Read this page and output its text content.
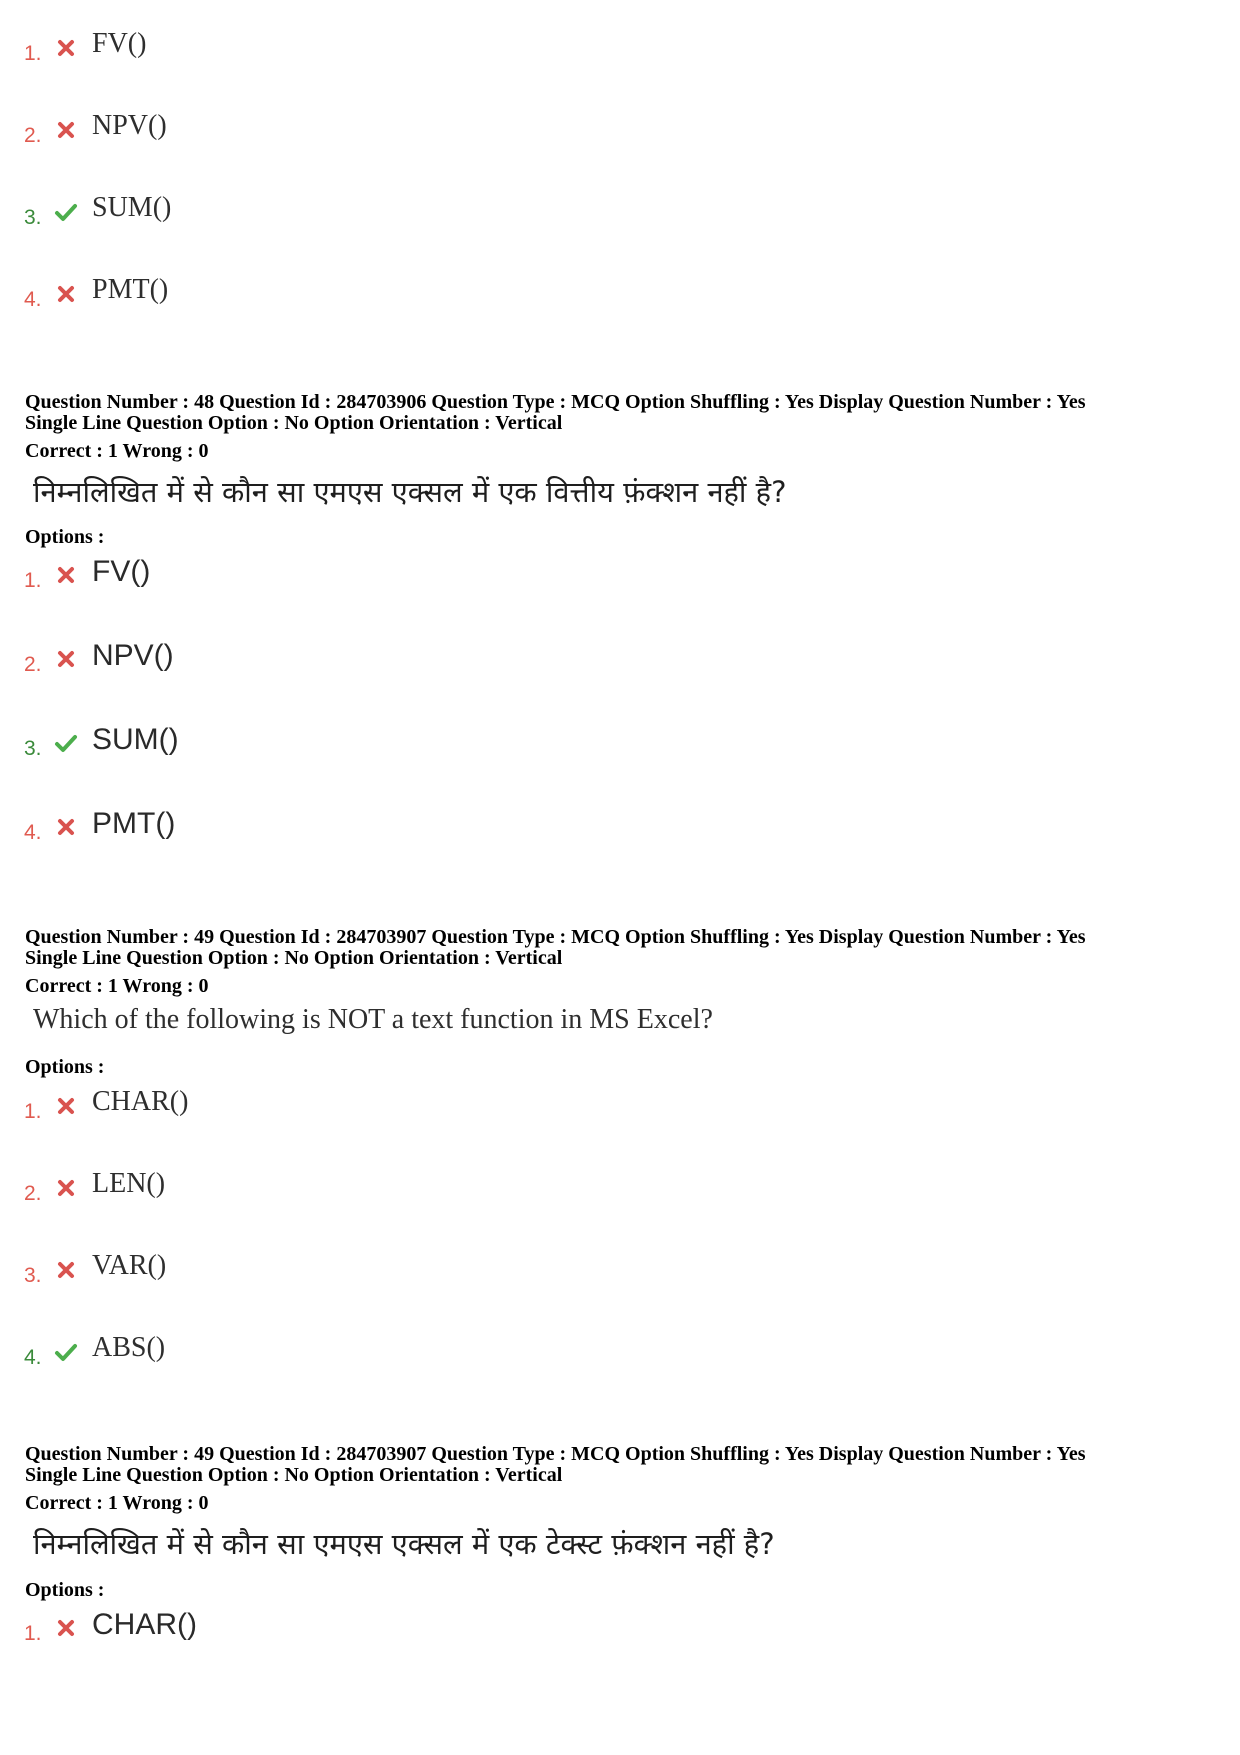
1. FV()
2. NPV()
3. SUM()
4. PMT()
Question Number : 48 Question Id : 284703906 Question Type : MCQ Option Shuffling : Yes Display Question Number : Yes
Single Line Question Option : No Option Orientation : Vertical
Correct : 1 Wrong : 0
निम्नलिखित में से कौन सा एमएस एक्सल में एक वित्तीय फ़ंक्शन नहीं है?
Options :
1. FV()
2. NPV()
3. SUM()
4. PMT()
Question Number : 49 Question Id : 284703907 Question Type : MCQ Option Shuffling : Yes Display Question Number : Yes
Single Line Question Option : No Option Orientation : Vertical
Correct : 1 Wrong : 0
Which of the following is NOT a text function in MS Excel?
Options :
1. CHAR()
2. LEN()
3. VAR()
4. ABS()
Question Number : 49 Question Id : 284703907 Question Type : MCQ Option Shuffling : Yes Display Question Number : Yes
Single Line Question Option : No Option Orientation : Vertical
Correct : 1 Wrong : 0
निम्नलिखित में से कौन सा एमएस एक्सल में एक टेक्स्ट फ़ंक्शन नहीं है?
Options :
1. CHAR()
